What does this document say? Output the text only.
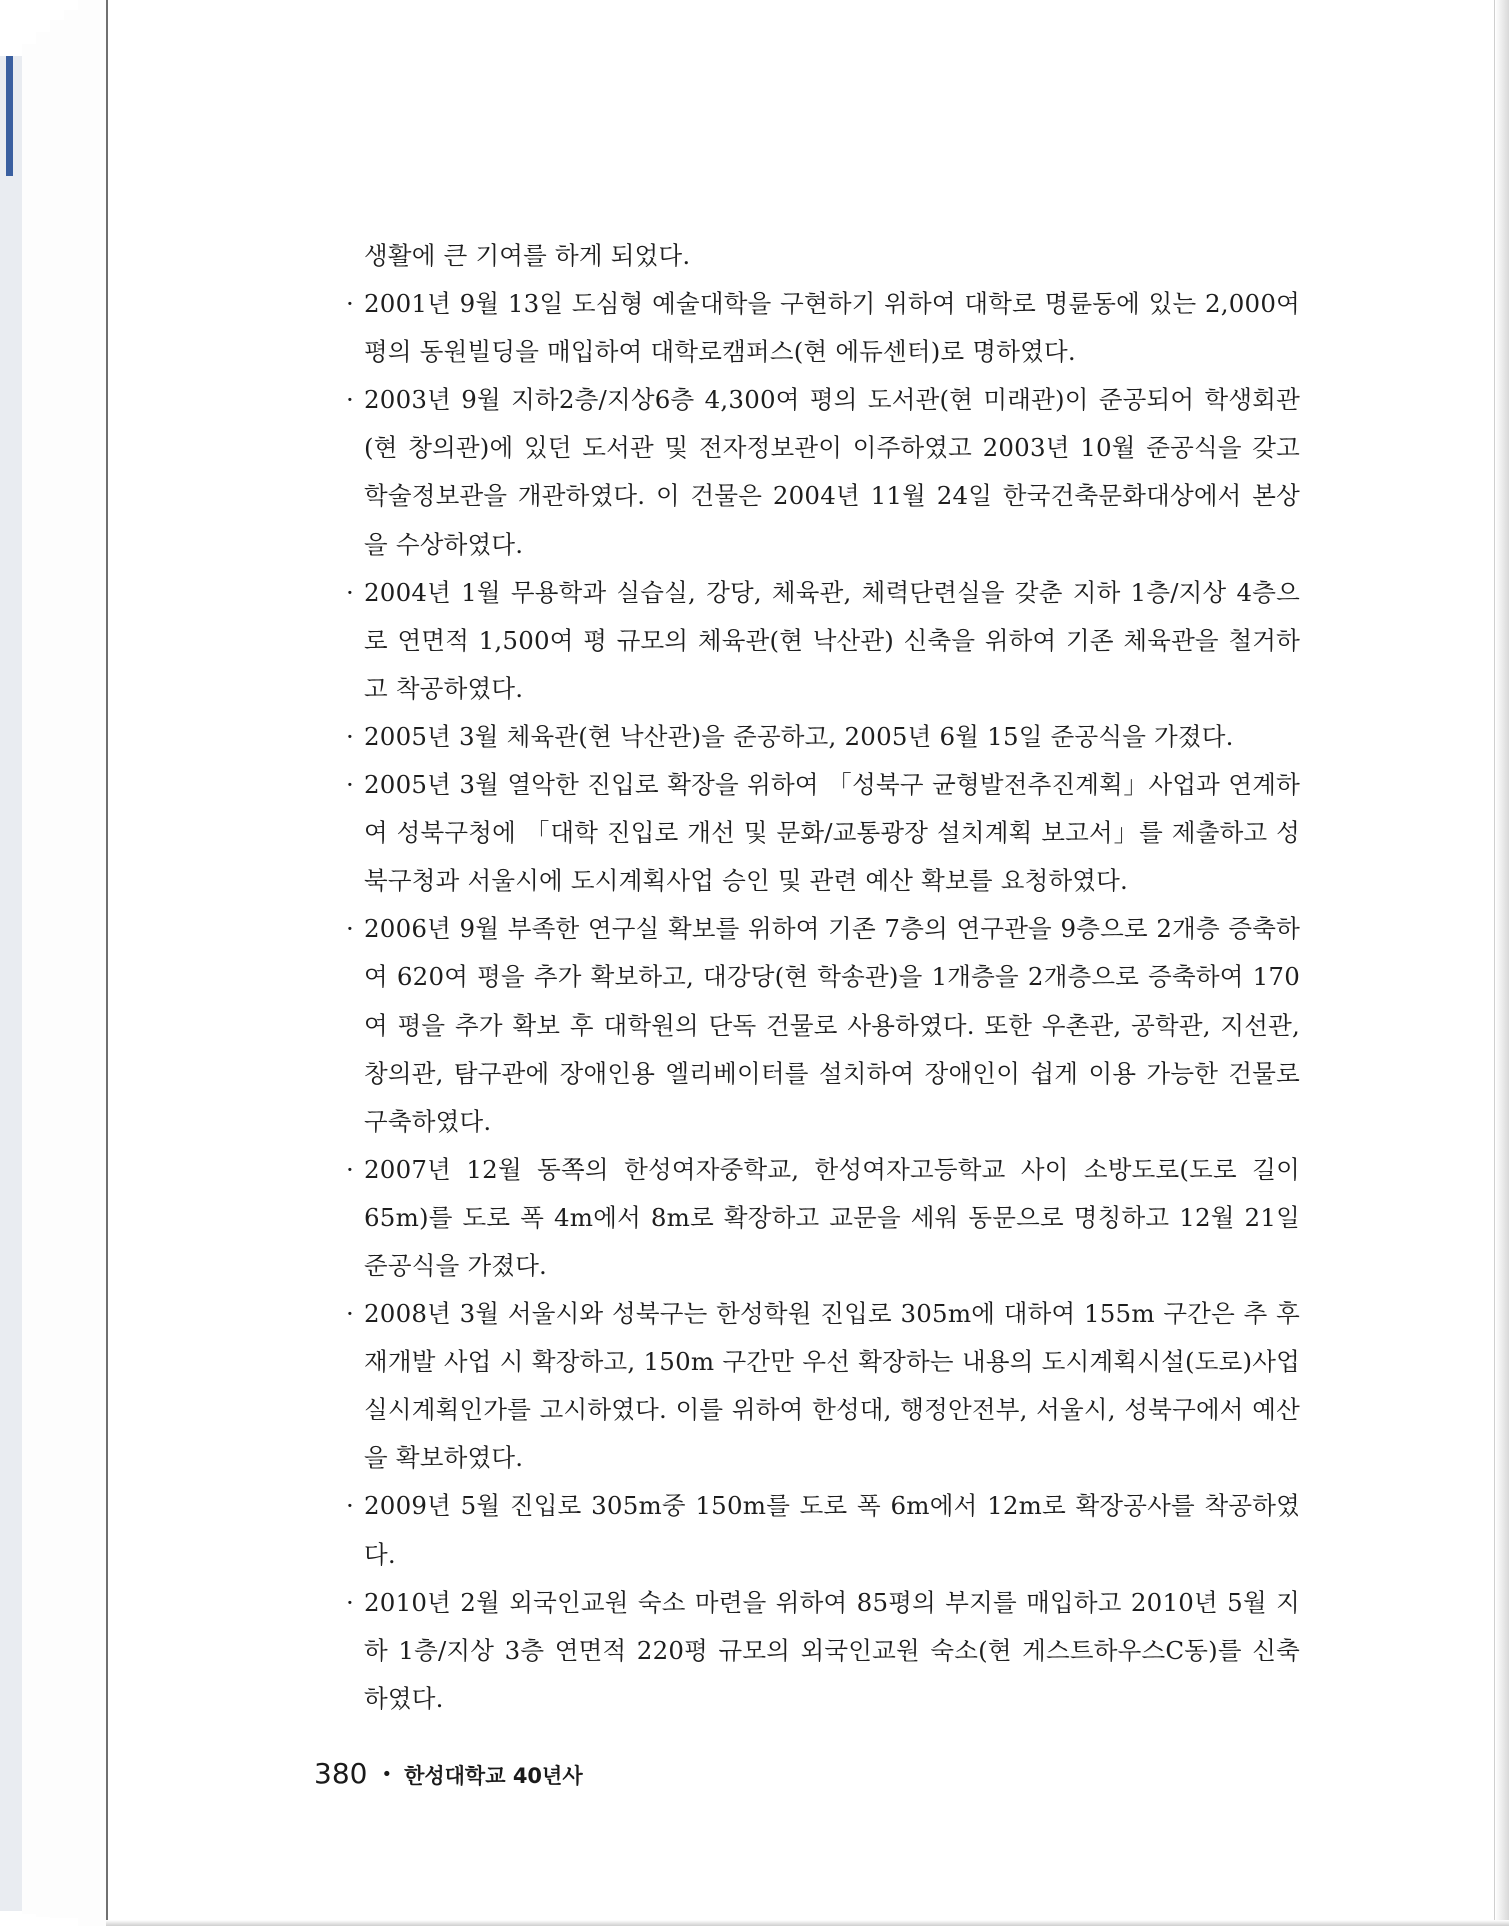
생활에 큰 기여를 하게 되었다.

· 2001년 9월 13일 도심형 예술대학을 구현하기 위하여 대학로 명륜동에 있는 2,000여 평의 동원빌딩을 매입하여 대학로캠퍼스(현 에듀센터)로 명하였다.

· 2003년 9월 지하2층/지상6층 4,300여 평의 도서관(현 미래관)이 준공되어 학생회관(현 창의관)에 있던 도서관 및 전자정보관이 이주하였고 2003년 10월 준공식을 갖고 학술정보관을 개관하였다. 이 건물은 2004년 11월 24일 한국건축문화대상에서 본상을 수상하였다.

· 2004년 1월 무용학과 실습실, 강당, 체육관, 체력단련실을 갖춘 지하 1층/지상 4층으로 연면적 1,500여 평 규모의 체육관(현 낙산관) 신축을 위하여 기존 체육관을 철거하고 착공하였다.

· 2005년 3월 체육관(현 낙산관)을 준공하고, 2005년 6월 15일 준공식을 가졌다.

· 2005년 3월 열악한 진입로 확장을 위하여 「성북구 균형발전추진계획」사업과 연계하여 성북구청에 「대학 진입로 개선 및 문화/교통광장 설치계획 보고서」를 제출하고 성북구청과 서울시에 도시계획사업 승인 및 관련 예산 확보를 요청하였다.

· 2006년 9월 부족한 연구실 확보를 위하여 기존 7층의 연구관을 9층으로 2개층 증축하여 620여 평을 추가 확보하고, 대강당(현 학송관)을 1개층을 2개층으로 증축하여 170여 평을 추가 확보 후 대학원의 단독 건물로 사용하였다. 또한 우촌관, 공학관, 지선관, 창의관, 탐구관에 장애인용 엘리베이터를 설치하여 장애인이 쉽게 이용 가능한 건물로 구축하였다.

· 2007년 12월 동쪽의 한성여자중학교, 한성여자고등학교 사이 소방도로(도로 길이 65m)를 도로 폭 4m에서 8m로 확장하고 교문을 세워 동문으로 명칭하고 12월 21일 준공식을 가졌다.

· 2008년 3월 서울시와 성북구는 한성학원 진입로 305m에 대하여 155m 구간은 추 후 재개발 사업 시 확장하고, 150m 구간만 우선 확장하는 내용의 도시계획시설(도로)사업 실시계획인가를 고시하였다. 이를 위하여 한성대, 행정안전부, 서울시, 성북구에서 예산을 확보하였다.

· 2009년 5월 진입로 305m중 150m를 도로 폭 6m에서 12m로 확장공사를 착공하였다.

· 2010년 2월 외국인교원 숙소 마련을 위하여 85평의 부지를 매입하고 2010년 5월 지하 1층/지상 3층 연면적 220평 규모의 외국인교원 숙소(현 게스트하우스C동)를 신축하였다.

380 • 한성대학교 40년사
